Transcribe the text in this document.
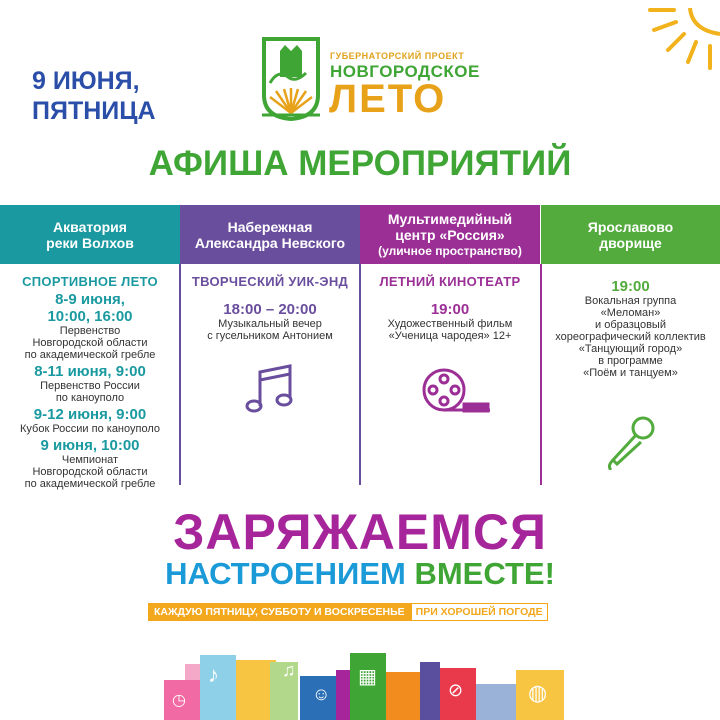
9 ИЮНЯ,
ПЯТНИЦА
ГУБЕРНАТОРСКИЙ ПРОЕКТ
НОВГОРОДСКОЕ
ЛЕТО
АФИША МЕРОПРИЯТИЙ
Акватория
реки Волхов
СПОРТИВНОЕ ЛЕТО
8-9 июня,
10:00, 16:00
Первенство
Новгородской области
по академической гребле
8-11 июня, 9:00
Первенство России
по каноуполо
9-12 июня, 9:00
Кубок России по каноуполо
9 июня, 10:00
Чемпионат
Новгородской области
по академической гребле
Набережная
Александра Невского
ТВОРЧЕСКИЙ УИК-ЭНД
18:00 – 20:00
Музыкальный вечер
с гусельником Антонием
Мультимедийный
центр «Россия»
(уличное пространство)
ЛЕТНИЙ КИНОТЕАТР
19:00
Художественный фильм
«Ученица чародея» 12+
Ярославово
дворище
19:00
Вокальная группа
«Меломан»
и образцовый
хореографический коллектив
«Танцующий город»
в программе
«Поём и танцуем»
ЗАРЯЖАЕМСЯ
НАСТРОЕНИЕМ ВМЕСТЕ!
КАЖДУЮ ПЯТНИЦУ, СУББОТУ И ВОСКРЕСЕНЬЕ	ПРИ ХОРОШЕЙ ПОГОДЕ
◷
♪	♫
☺
▦
⊘	◍
